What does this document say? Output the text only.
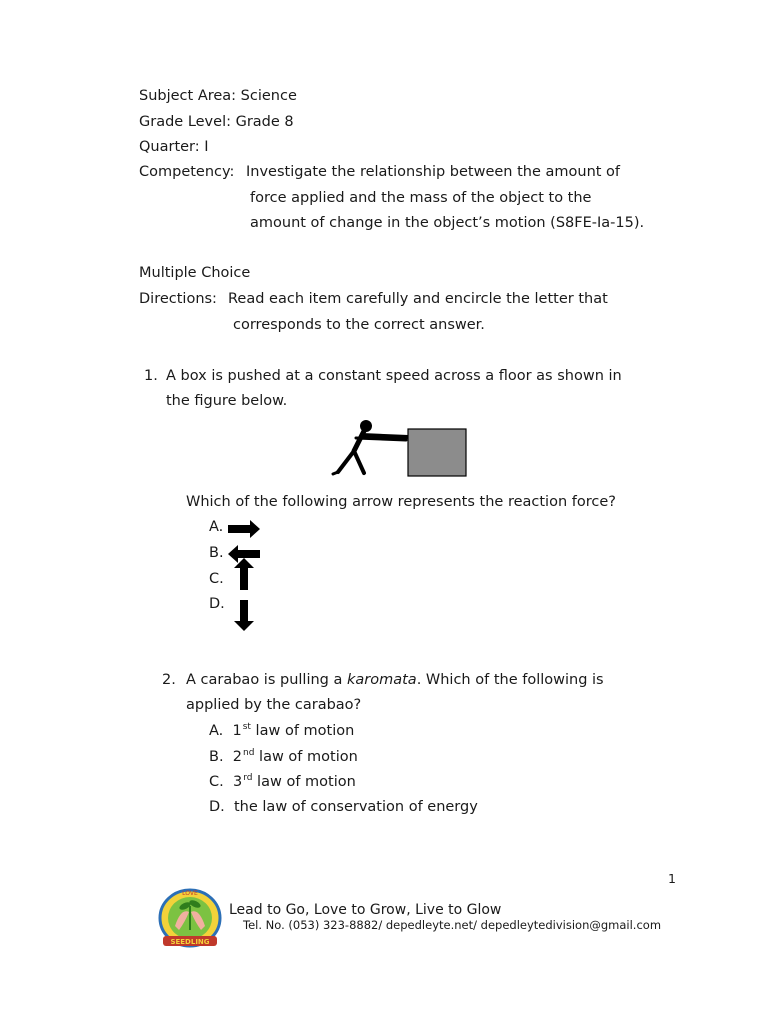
Subject Area: Science
Grade Level: Grade 8
Quarter: I
Competency: Investigate the relationship between the amount of
force applied and the mass of the object to the
amount of change in the object’s motion (S8FE-Ia-15).
Multiple Choice
Directions: Read each item carefully and encircle the letter that
corresponds to the correct answer.
1. A box is pushed at a constant speed across a floor as shown in
the figure below.
Which of the following arrow represents the reaction force?
A.
B.
C.
D.
2. A carabao is pulling a karomata. Which of the following is
applied by the carabao?
A. 1st law of motion
B. 2nd law of motion
C. 3rd law of motion
D. the law of conservation of energy
1
LOVE
SEEDLING
Lead to Go, Love to Grow, Live to Glow
Tel. No. (053) 323-8882/ depedleyte.net/ depedleytedivision@gmail.com
